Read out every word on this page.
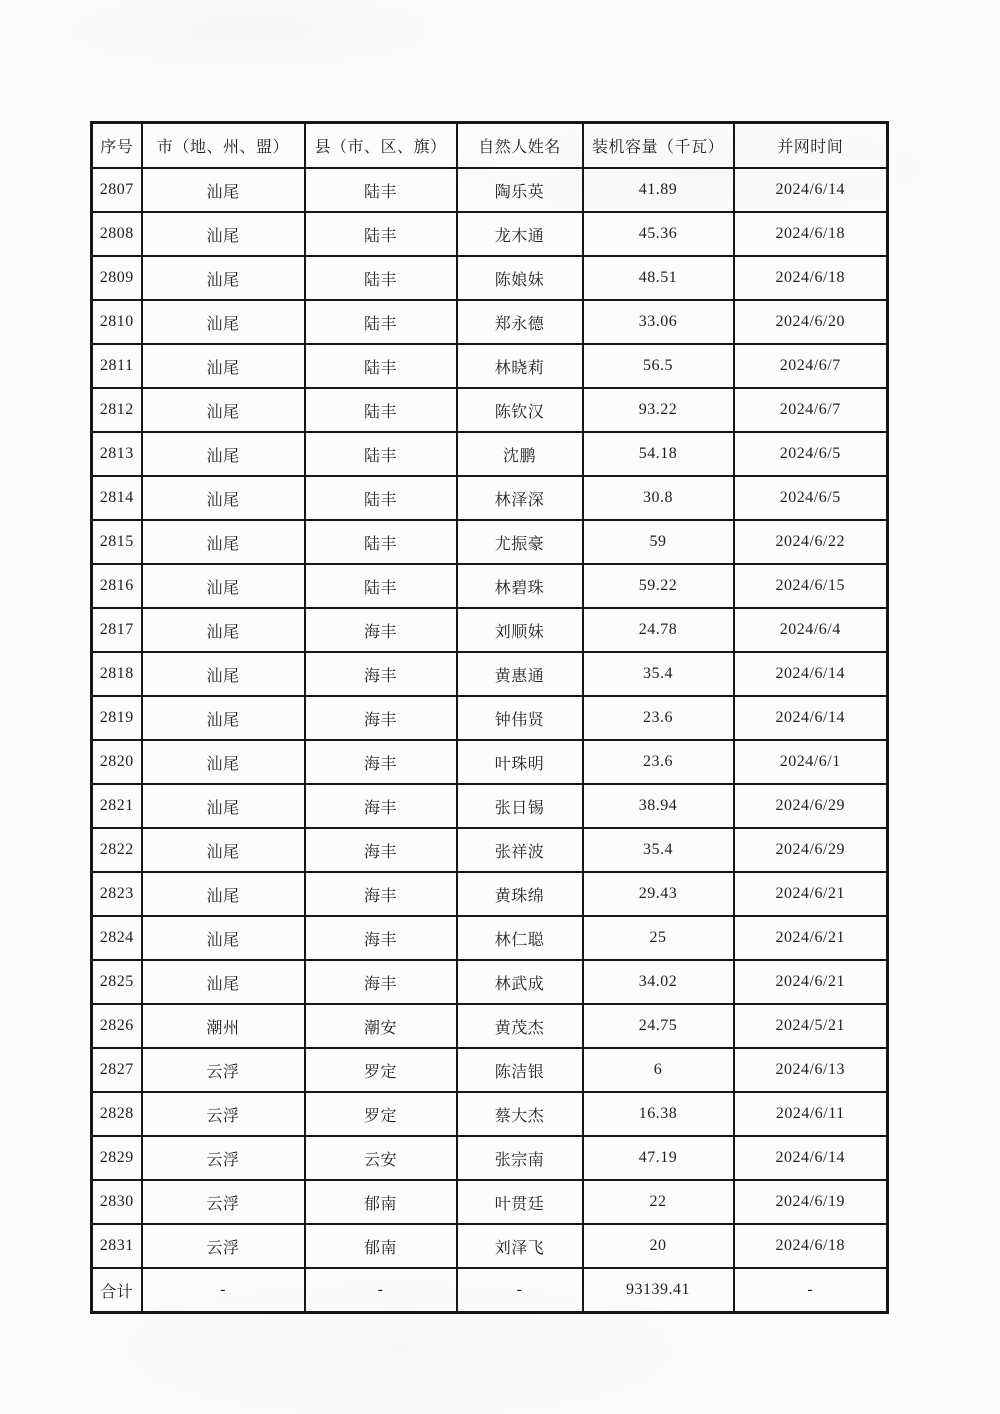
序号	市（地、州、盟）	县（市、区、旗）	自然人姓名	装机容量（千瓦）	并网时间
2807	汕尾	陆丰	陶乐英	41.89	2024/6/14
2808	汕尾	陆丰	龙木通	45.36	2024/6/18
2809	汕尾	陆丰	陈娘妹	48.51	2024/6/18
2810	汕尾	陆丰	郑永德	33.06	2024/6/20
2811	汕尾	陆丰	林晓莉	56.5	2024/6/7
2812	汕尾	陆丰	陈钦汉	93.22	2024/6/7
2813	汕尾	陆丰	沈鹏	54.18	2024/6/5
2814	汕尾	陆丰	林泽深	30.8	2024/6/5
2815	汕尾	陆丰	尤振豪	59	2024/6/22
2816	汕尾	陆丰	林碧珠	59.22	2024/6/15
2817	汕尾	海丰	刘顺妹	24.78	2024/6/4
2818	汕尾	海丰	黄惠通	35.4	2024/6/14
2819	汕尾	海丰	钟伟贤	23.6	2024/6/14
2820	汕尾	海丰	叶珠明	23.6	2024/6/1
2821	汕尾	海丰	张日锡	38.94	2024/6/29
2822	汕尾	海丰	张祥波	35.4	2024/6/29
2823	汕尾	海丰	黄珠绵	29.43	2024/6/21
2824	汕尾	海丰	林仁聪	25	2024/6/21
2825	汕尾	海丰	林武成	34.02	2024/6/21
2826	潮州	潮安	黄茂杰	24.75	2024/5/21
2827	云浮	罗定	陈洁银	6	2024/6/13
2828	云浮	罗定	蔡大杰	16.38	2024/6/11
2829	云浮	云安	张宗南	47.19	2024/6/14
2830	云浮	郁南	叶贯廷	22	2024/6/19
2831	云浮	郁南	刘泽飞	20	2024/6/18
合计	-	-	-	93139.41	-
